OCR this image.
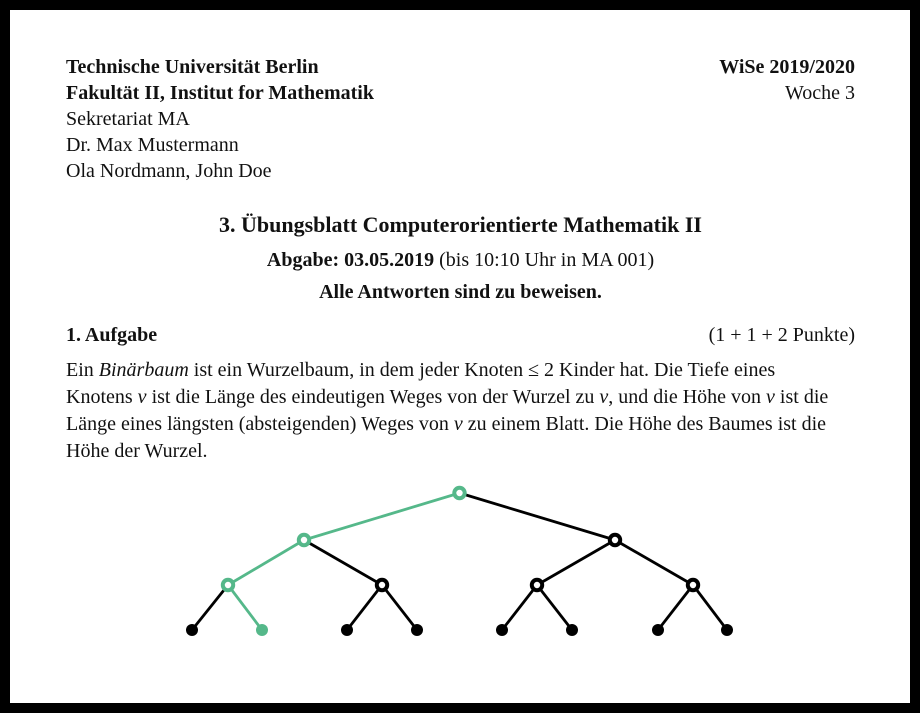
Technische Universität Berlin
Fakultät II, Institut for Mathematik
Sekretariat MA
Dr. Max Mustermann
Ola Nordmann, John Doe
WiSe 2019/2020
Woche 3
3. Übungsblatt Computerorientierte Mathematik II
Abgabe: 03.05.2019 (bis 10:10 Uhr in MA 001)
Alle Antworten sind zu beweisen.
1. Aufgabe	(1 + 1 + 2 Punkte)

Ein Binärbaum ist ein Wurzelbaum, in dem jeder Knoten ≤ 2 Kinder hat. Die Tiefe eines
Knotens v ist die Länge des eindeutigen Weges von der Wurzel zu v, und die Höhe von v ist die
Länge eines längsten (absteigenden) Weges von v zu einem Blatt. Die Höhe des Baumes ist die
Höhe der Wurzel.
